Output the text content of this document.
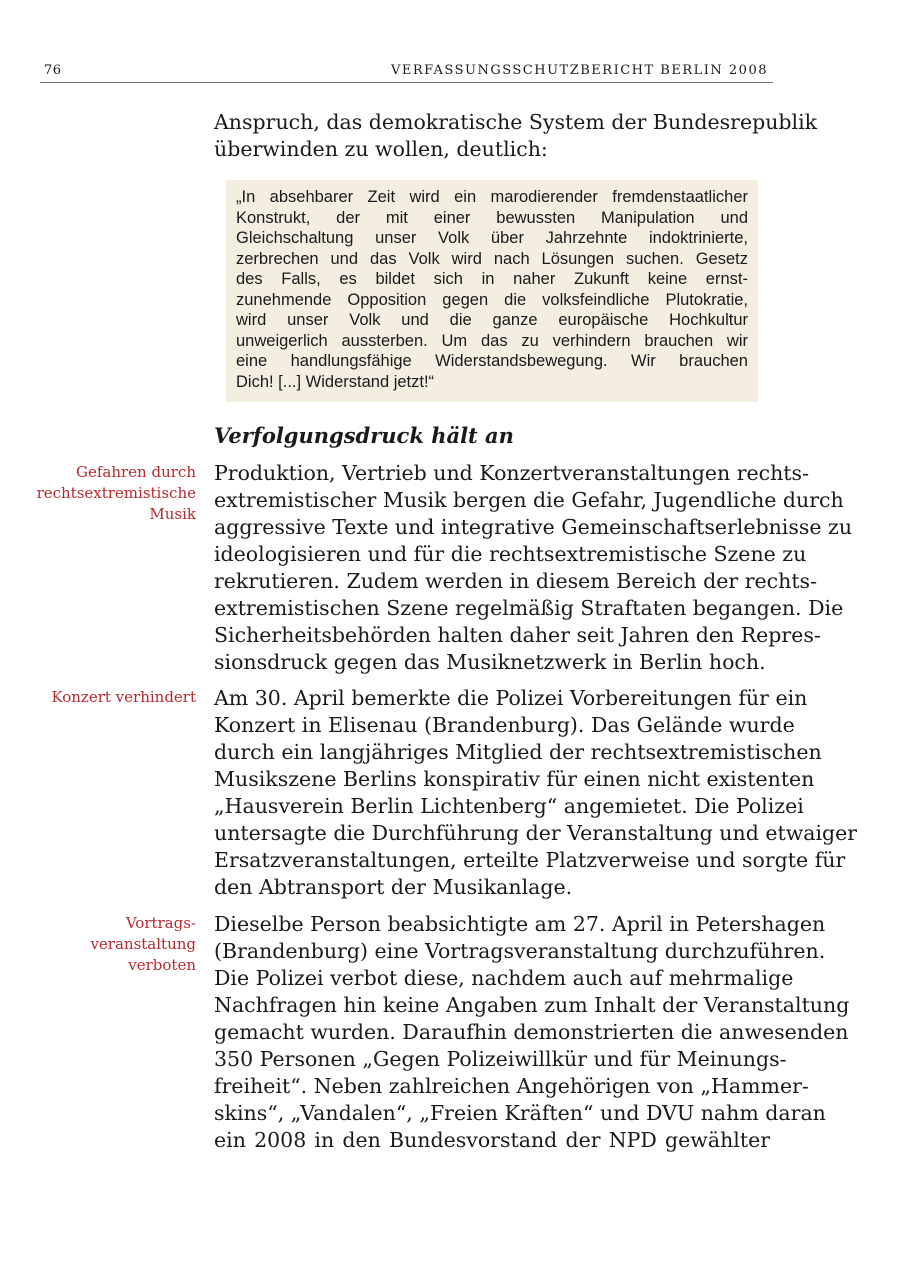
76	VERFASSUNGSSCHUTZBERICHT BERLIN 2008
Anspruch, das demokratische System der Bundesrepublik
überwinden zu wollen, deutlich:
„In absehbarer Zeit wird ein marodierender fremdenstaatlicher
Konstrukt, der mit einer bewussten Manipulation und
Gleichschaltung unser Volk über Jahrzehnte indoktrinierte,
zerbrechen und das Volk wird nach Lösungen suchen. Gesetz
des Falls, es bildet sich in naher Zukunft keine ernst-
zunehmende Opposition gegen die volksfeindliche Plutokratie,
wird unser Volk und die ganze europäische Hochkultur
unweigerlich aussterben. Um das zu verhindern brauchen wir
eine handlungsfähige Widerstandsbewegung. Wir brauchen
Dich! [...] Widerstand jetzt!“
Verfolgungsdruck hält an
Gefahren durch
rechtsextremistische
Musik
Produktion, Vertrieb und Konzertveranstaltungen rechts-
extremistischer Musik bergen die Gefahr, Jugendliche durch
aggressive Texte und integrative Gemeinschaftserlebnisse zu
ideologisieren und für die rechtsextremistische Szene zu
rekrutieren. Zudem werden in diesem Bereich der rechts-
extremistischen Szene regelmäßig Straftaten begangen. Die
Sicherheitsbehörden halten daher seit Jahren den Repres-
sionsdruck gegen das Musiknetzwerk in Berlin hoch.
Konzert verhindert Am 30. April bemerkte die Polizei Vorbereitungen für ein
Konzert in Elisenau (Brandenburg). Das Gelände wurde
durch ein langjähriges Mitglied der rechtsextremistischen
Musikszene Berlins konspirativ für einen nicht existenten
„Hausverein Berlin Lichtenberg“ angemietet. Die Polizei
untersagte die Durchführung der Veranstaltung und etwaiger
Ersatzveranstaltungen, erteilte Platzverweise und sorgte für
den Abtransport der Musikanlage.
Vortrags-
veranstaltung
verboten
Dieselbe Person beabsichtigte am 27. April in Petershagen
(Brandenburg) eine Vortragsveranstaltung durchzuführen.
Die Polizei verbot diese, nachdem auch auf mehrmalige
Nachfragen hin keine Angaben zum Inhalt der Veranstaltung
gemacht wurden. Daraufhin demonstrierten die anwesenden
350 Personen „Gegen Polizeiwillkür und für Meinungs-
freiheit“. Neben zahlreichen Angehörigen von „Hammer-
skins“, „Vandalen“, „Freien Kräften“ und DVU nahm daran
ein 2008 in den Bundesvorstand der NPD gewählter
